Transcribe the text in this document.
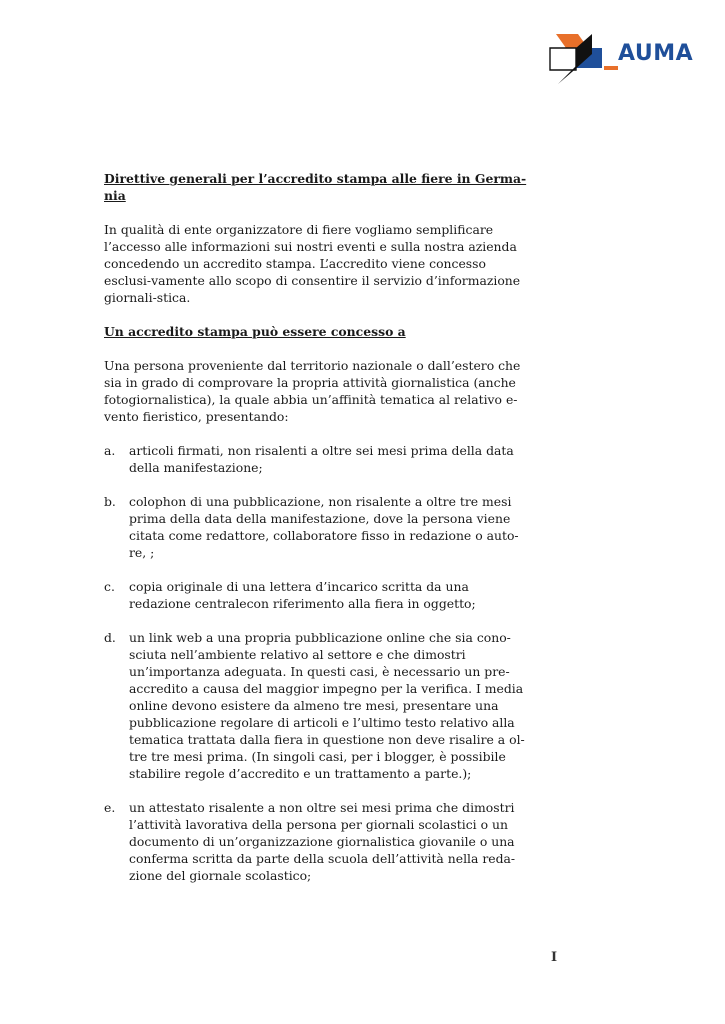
AUMA

Direttive generali per l’accredito stampa alle fiere in Germa-nia

In qualità di ente organizzatore di fiere vogliamo semplificare l’accesso alle informazioni sui nostri eventi e sulla nostra azienda concedendo un accredito stampa. L’accredito viene concesso esclusi-vamente allo scopo di consentire il servizio d’informazione giornali-stica.

Un accredito stampa può essere concesso a

Una persona proveniente dal territorio nazionale o dall’estero che sia in grado di comprovare la propria attività giornalistica (anche fotogiornalistica), la quale abbia un’affinità tematica al relativo e-vento fieristico, presentando:

a.	articoli firmati, non risalenti a oltre sei mesi prima della data della manifestazione;
b.	colophon di una pubblicazione, non risalente a oltre tre mesi prima della data della manifestazione, dove la persona viene citata come redattore, collaboratore fisso in redazione o auto-re, ;
c.	copia originale di una lettera d’incarico scritta da una redazione centralecon riferimento alla fiera in oggetto;
d.	un link web a una propria pubblicazione online che sia cono-sciuta nell’ambiente relativo al settore e che dimostri un’importanza adeguata. In questi casi, è necessario un pre-accredito a causa del maggior impegno per la verifica. I media online devono esistere da almeno tre mesi, presentare una pubblicazione regolare di articoli e l’ultimo testo relativo alla tematica trattata dalla fiera in questione non deve risalire a ol-tre tre mesi prima. (In singoli casi, per i blogger, è possibile stabilire regole d’accredito e un trattamento a parte.);
e.	un attestato risalente a non oltre sei mesi prima che dimostri l’attività lavorativa della persona per giornali scolastici o un documento di un’organizzazione giornalistica giovanile o una conferma scritta da parte della scuola dell’attività nella reda-zione del giornale scolastico;
I
